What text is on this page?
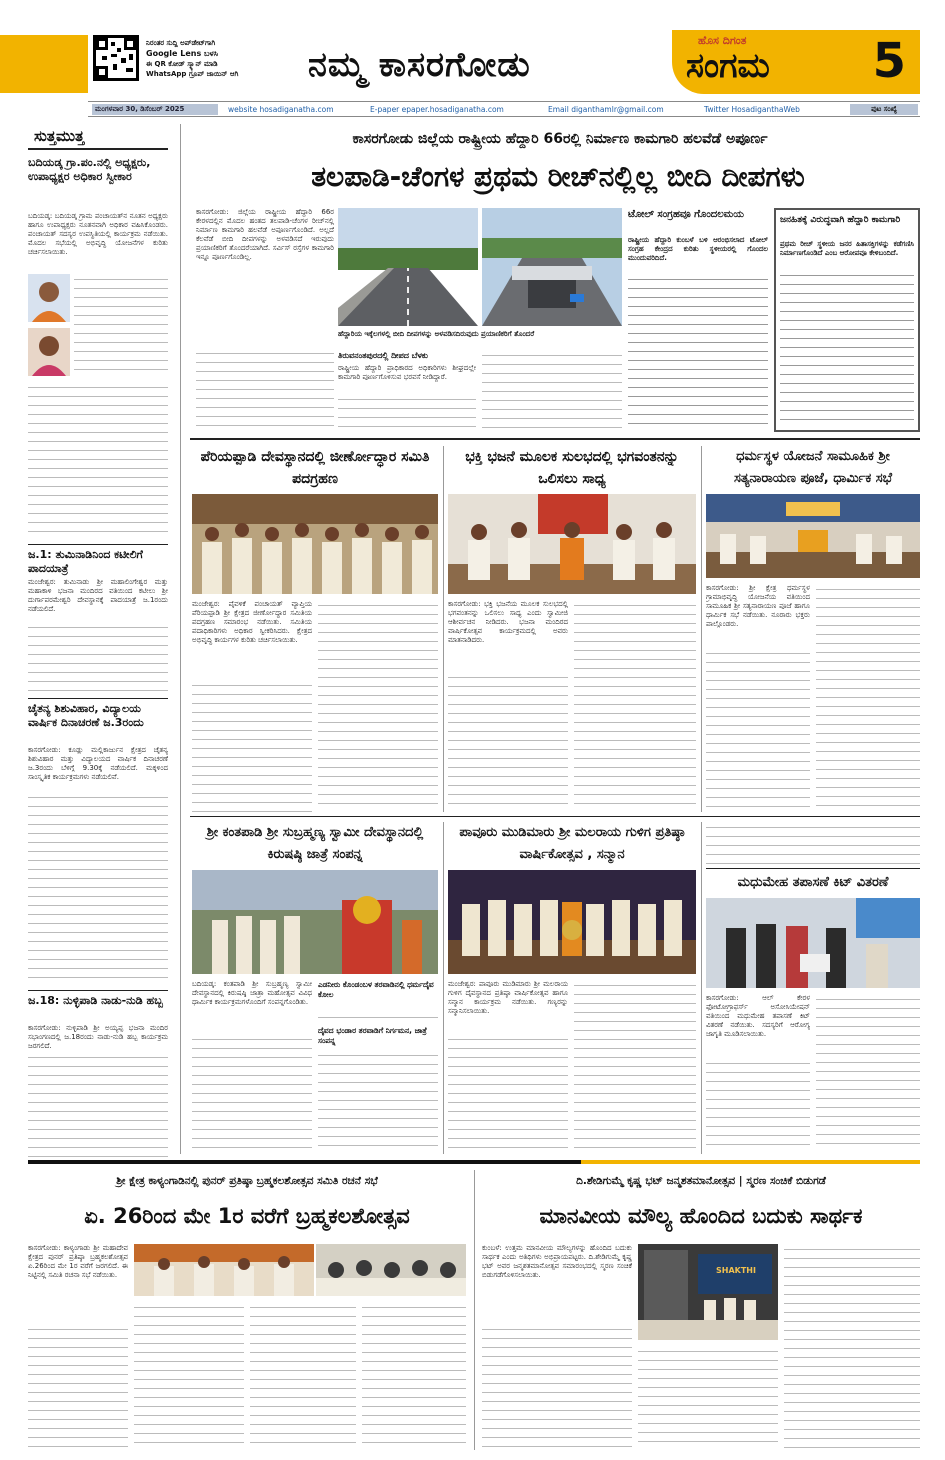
ನಿರಂತರ ಸುದ್ದಿ ಅಪ್‌ಡೇಟ್‌ಗಾಗಿ
Google Lens ಬಳಸಿ
ಈ QR ಕೋಡ್ ಸ್ಕ್ಯಾನ್ ಮಾಡಿ
WhatsApp ಗ್ರೂಪ್ ಜಾಯಿನ್ ಆಗಿ	ನಮ್ಮ ಕಾಸರಗೋಡು
ಹೊಸ ದಿಗಂತ
ಸಂಗಮ 5
ಮಂಗಳವಾರ 30, ಡಿಸೆಂಬರ್ 2025	website hosadiganatha.com	E-paper epaper.hosadiganatha.com	Email diganthamlr@gmail.com	Twitter HosadiganthaWeb	ಪುಟ ಸಂಖ್ಯೆ
ಸುತ್ತಮುತ್ತ
ಬದಿಯಡ್ಕ ಗ್ರಾ.ಪಂ.ನಲ್ಲಿ ಅಧ್ಯಕ್ಷರು, ಉಪಾಧ್ಯಕ್ಷರ ಅಧಿಕಾರ ಸ್ವೀಕಾರ
ಬದಿಯಡ್ಕ: ಬದಿಯಡ್ಕ ಗ್ರಾಮ ಪಂಚಾಯತ್‌ನ ನೂತನ ಅಧ್ಯಕ್ಷರು ಹಾಗೂ ಉಪಾಧ್ಯಕ್ಷರು ನೂತನವಾಗಿ ಅಧಿಕಾರ ವಹಿಸಿಕೊಂಡರು. ಪಂಚಾಯತ್ ಸದಸ್ಯರ ಉಪಸ್ಥಿತಿಯಲ್ಲಿ ಕಾರ್ಯಕ್ರಮ ನಡೆಯಿತು. ಮೊದಲ ಸಭೆಯಲ್ಲಿ ಅಭಿವೃದ್ಧಿ ಯೋಜನೆಗಳ ಕುರಿತು ಚರ್ಚಿಸಲಾಯಿತು.
ಜ.1: ತುಮಿನಾಡಿನಿಂದ ಕಟೀಲಿಗೆ ಪಾದಯಾತ್ರೆ
ಮಂಜೇಶ್ವರ: ತುಮಿನಾಡು ಶ್ರೀ ಮಹಾಲಿಂಗೇಶ್ವರ ಮತ್ತು ಮಹಾಕಾಳಿ ಭಜನಾ ಮಂದಿರದ ವತಿಯಿಂದ ಕಟೀಲು ಶ್ರೀ ದುರ್ಗಾಪರಮೇಶ್ವರಿ ದೇವಸ್ಥಾನಕ್ಕೆ ಪಾದಯಾತ್ರೆ ಜ.1ರಂದು ನಡೆಯಲಿದೆ.
ಚೈತನ್ಯ ಶಿಶುವಿಹಾರ, ವಿದ್ಯಾಲಯ ವಾರ್ಷಿಕ ದಿನಾಚರಣೆ ಜ.3ರಂದು
ಕಾಸರಗೋಡು: ಕೂಡ್ಲು ಮಲ್ಲಿಕಾರ್ಜುನ ಕ್ಷೇತ್ರದ ಚೈತನ್ಯ ಶಿಶುವಿಹಾರ ಮತ್ತು ವಿದ್ಯಾಲಯದ ವಾರ್ಷಿಕ ದಿನಾಚರಣೆ ಜ.3ರಂದು ಬೆಳಿಗ್ಗೆ 9.30ಕ್ಕೆ ನಡೆಯಲಿದೆ. ಮಕ್ಕಳಿಂದ ಸಾಂಸ್ಕೃತಿಕ ಕಾರ್ಯಕ್ರಮಗಳು ನಡೆಯಲಿವೆ.
ಜ.18: ನುಳ್ಳಿಪಾಡಿ ನಾಡು-ನುಡಿ ಹಬ್ಬ
ಕಾಸರಗೋಡು: ನುಳ್ಳಿಪಾಡಿ ಶ್ರೀ ಅಯ್ಯಪ್ಪ ಭಜನಾ ಮಂದಿರ ಸಭಾಂಗಣದಲ್ಲಿ ಜ.18ರಂದು ನಾಡು-ನುಡಿ ಹಬ್ಬ ಕಾರ್ಯಕ್ರಮ ಜರಗಲಿದೆ.
ಕಾಸರಗೋಡು ಜಿಲ್ಲೆಯ ರಾಷ್ಟ್ರೀಯ ಹೆದ್ದಾರಿ 66ರಲ್ಲಿ ನಿರ್ಮಾಣ ಕಾಮಗಾರಿ ಹಲವೆಡೆ ಅಪೂರ್ಣ
ತಲಪಾಡಿ-ಚೆಂಗಳ ಪ್ರಥಮ ರೀಚ್‌ನಲ್ಲಿಲ್ಲ ಬೀದಿ ದೀಪಗಳು
ಕಾಸರಗೋಡು: ಜಿಲ್ಲೆಯ ರಾಷ್ಟ್ರೀಯ ಹೆದ್ದಾರಿ 66ರ ಕೇರಳದಲ್ಲಿನ ಮೊದಲ ಹಂತದ ತಲಪಾಡಿ-ಚೆಂಗಳ ರೀಚ್‌ನಲ್ಲಿ ನಿರ್ಮಾಣ ಕಾಮಗಾರಿ ಹಲವೆಡೆ ಅಪೂರ್ಣಗೊಂಡಿದೆ. ಅಲ್ಲದೆ ಕೆಲವೆಡೆ ಬೀದಿ ದೀಪಗಳನ್ನು ಅಳವಡಿಸದೆ ಇರುವುದು ಪ್ರಯಾಣಿಕರಿಗೆ ತೊಂದರೆಯಾಗಿದೆ. ಸರ್ವಿಸ್ ರಸ್ತೆಗಳ ಕಾಮಗಾರಿ ಇನ್ನೂ ಪೂರ್ಣಗೊಂಡಿಲ್ಲ.
ಹೆದ್ದಾರಿಯ ಇಕ್ಕೆಲಗಳಲ್ಲಿ ಬೀದಿ ದೀಪಗಳನ್ನು ಅಳವಡಿಸದಿರುವುದು ಪ್ರಯಾಣಿಕರಿಗೆ ತೊಂದರೆ
ತಿರುವನಂತಪುರದಲ್ಲಿ ದೀಪದ ಬೆಳಕು
ರಾಷ್ಟ್ರೀಯ ಹೆದ್ದಾರಿ ಪ್ರಾಧಿಕಾರದ ಅಧಿಕಾರಿಗಳು ಶೀಘ್ರದಲ್ಲೇ ಕಾಮಗಾರಿ ಪೂರ್ಣಗೊಳಿಸುವ ಭರವಸೆ ನೀಡಿದ್ದಾರೆ.
ಟೋಲ್ ಸಂಗ್ರಹವೂ ಗೊಂದಲಮಯ
ರಾಷ್ಟ್ರೀಯ ಹೆದ್ದಾರಿ ಕುಂಬಳೆ ಬಳಿ ಆರಂಭಿಸಲಾದ ಟೋಲ್ ಸಂಗ್ರಹ ಕೇಂದ್ರದ ಕುರಿತು ಸ್ಥಳೀಯರಲ್ಲಿ ಗೊಂದಲ ಮುಂದುವರಿದಿದೆ.
ಜನಹಿತಕ್ಕೆ ವಿರುದ್ಧವಾಗಿ ಹೆದ್ದಾರಿ ಕಾಮಗಾರಿ
ಪ್ರಥಮ ರೀಚ್ ಸ್ಥಳೀಯ ಜನರ ಹಿತಾಸಕ್ತಿಗಳನ್ನು ಕಡೆಗಣಿಸಿ ನಿರ್ಮಾಣಗೊಂಡಿದೆ ಎಂಬ ಆರೋಪವೂ ಕೇಳಿಬಂದಿದೆ.
ಪೆರಿಯಪ್ಪಾಡಿ ದೇವಸ್ಥಾನದಲ್ಲಿ ಜೀರ್ಣೋದ್ಧಾರ ಸಮಿತಿ ಪದಗ್ರಹಣ
ಮಂಜೇಶ್ವರ: ಪೈವಳಿಕೆ ಪಂಚಾಯತ್ ವ್ಯಾಪ್ತಿಯ ಪೆರಿಯಪ್ಪಾಡಿ ಶ್ರೀ ಕ್ಷೇತ್ರದ ಜೀರ್ಣೋದ್ಧಾರ ಸಮಿತಿಯ ಪದಗ್ರಹಣ ಸಮಾರಂಭ ನಡೆಯಿತು. ಸಮಿತಿಯ ಪದಾಧಿಕಾರಿಗಳು ಅಧಿಕಾರ ಸ್ವೀಕರಿಸಿದರು. ಕ್ಷೇತ್ರದ ಅಭಿವೃದ್ಧಿ ಕಾರ್ಯಗಳ ಕುರಿತು ಚರ್ಚಿಸಲಾಯಿತು.
ಭಕ್ತಿ ಭಜನೆ ಮೂಲಕ ಸುಲಭದಲ್ಲಿ ಭಗವಂತನನ್ನು ಒಲಿಸಲು ಸಾಧ್ಯ
ಕಾಸರಗೋಡು: ಭಕ್ತಿ ಭಜನೆಯ ಮೂಲಕ ಸುಲಭದಲ್ಲಿ ಭಗವಂತನನ್ನು ಒಲಿಸಲು ಸಾಧ್ಯ ಎಂದು ಸ್ವಾಮೀಜಿ ಆಶೀರ್ವಚನ ನೀಡಿದರು. ಭಜನಾ ಮಂದಿರದ ವಾರ್ಷಿಕೋತ್ಸವ ಕಾರ್ಯಕ್ರಮದಲ್ಲಿ ಅವರು ಮಾತನಾಡಿದರು.
ಧರ್ಮಸ್ಥಳ ಯೋಜನೆ ಸಾಮೂಹಿಕ ಶ್ರೀ ಸತ್ಯನಾರಾಯಣ ಪೂಜೆ, ಧಾರ್ಮಿಕ ಸಭೆ
ಕಾಸರಗೋಡು: ಶ್ರೀ ಕ್ಷೇತ್ರ ಧರ್ಮಸ್ಥಳ ಗ್ರಾಮಾಭಿವೃದ್ಧಿ ಯೋಜನೆಯ ವತಿಯಿಂದ ಸಾಮೂಹಿಕ ಶ್ರೀ ಸತ್ಯನಾರಾಯಣ ಪೂಜೆ ಹಾಗೂ ಧಾರ್ಮಿಕ ಸಭೆ ನಡೆಯಿತು. ನೂರಾರು ಭಕ್ತರು ಪಾಲ್ಗೊಂಡರು.
ಶ್ರೀ ಕಂತಪಾಡಿ ಶ್ರೀ ಸುಬ್ರಹ್ಮಣ್ಯ ಸ್ವಾಮೀ ದೇವಸ್ಥಾನದಲ್ಲಿ ಕಿರುಷಷ್ಠಿ ಜಾತ್ರೆ ಸಂಪನ್ನ
ಬದಿಯಡ್ಕ: ಕಂತಪಾಡಿ ಶ್ರೀ ಸುಬ್ರಹ್ಮಣ್ಯ ಸ್ವಾಮೀ ದೇವಸ್ಥಾನದಲ್ಲಿ ಕಿರುಷಷ್ಠಿ ಜಾತ್ರಾ ಮಹೋತ್ಸವ ವಿವಿಧ ಧಾರ್ಮಿಕ ಕಾರ್ಯಕ್ರಮಗಳೊಂದಿಗೆ ಸಂಪನ್ನಗೊಂಡಿತು.
ಎಡನೀರು ಕೊಂಡಂಬಳ ತರವಾಡಿನಲ್ಲಿ ಧರ್ಮದೈವ ಕೋಲ
ದೈವದ ಭಂಡಾರ ತರವಾಡಿಗೆ ನಿರ್ಗಮನ, ಜಾತ್ರೆ ಸಂಪನ್ನ
ಪಾವೂರು ಮುಡಿಮಾರು ಶ್ರೀ ಮಲರಾಯ ಗುಳಿಗ ಪ್ರತಿಷ್ಠಾ ವಾರ್ಷಿಕೋತ್ಸವ , ಸನ್ಮಾನ
ಮಂಜೇಶ್ವರ: ಪಾವೂರು ಮುಡಿಮಾರು ಶ್ರೀ ಮಲರಾಯ ಗುಳಿಗ ದೈವಸ್ಥಾನದ ಪ್ರತಿಷ್ಠಾ ವಾರ್ಷಿಕೋತ್ಸವ ಹಾಗೂ ಸನ್ಮಾನ ಕಾರ್ಯಕ್ರಮ ನಡೆಯಿತು. ಗಣ್ಯರನ್ನು ಸನ್ಮಾನಿಸಲಾಯಿತು.
ಮಧುಮೇಹ ತಪಾಸಣೆ ಕಿಟ್ ವಿತರಣೆ
ಕಾಸರಗೋಡು: ಆಲ್ ಕೇರಳ ಫೋಟೋಗ್ರಾಫರ್ಸ್ ಅಸೋಸಿಯೇಷನ್ ವತಿಯಿಂದ ಮಧುಮೇಹ ತಪಾಸಣೆ ಕಿಟ್ ವಿತರಣೆ ನಡೆಯಿತು. ಸದಸ್ಯರಿಗೆ ಆರೋಗ್ಯ ಜಾಗೃತಿ ಮೂಡಿಸಲಾಯಿತು.
ಶ್ರೀ ಕ್ಷೇತ್ರ ಕಾಳ್ಯಂಗಾಡಿನಲ್ಲಿ ಪುನರ್ ಪ್ರತಿಷ್ಠಾ ಬ್ರಹ್ಮಕಲಶೋತ್ಸವ ಸಮಿತಿ ರಚನೆ ಸಭೆ
ಏ. 26ರಿಂದ ಮೇ 1ರ ವರೆಗೆ ಬ್ರಹ್ಮಕಲಶೋತ್ಸವ
ಕಾಸರಗೋಡು: ಕಾಳ್ಯಂಗಾಡು ಶ್ರೀ ಮಹಾದೇವ ಕ್ಷೇತ್ರದ ಪುನರ್ ಪ್ರತಿಷ್ಠಾ ಬ್ರಹ್ಮಕಲಶೋತ್ಸವ ಏ.26ರಿಂದ ಮೇ 1ರ ವರೆಗೆ ಜರಗಲಿದೆ. ಈ ನಿಟ್ಟಿನಲ್ಲಿ ಸಮಿತಿ ರಚನಾ ಸಭೆ ನಡೆಯಿತು.
ದಿ.ಶೇಡಿಗುಮ್ಮೆ ಕೃಷ್ಣ ಭಟ್ ಜನ್ಮಶತಮಾನೋತ್ಸವ | ಸ್ಮರಣ ಸಂಚಿಕೆ ಬಿಡುಗಡೆ
ಮಾನವೀಯ ಮೌಲ್ಯ ಹೊಂದಿದ ಬದುಕು ಸಾರ್ಥಕ
ಕುಂಬಳೆ: ಉತ್ತಮ ಮಾನವೀಯ ಮೌಲ್ಯಗಳನ್ನು ಹೊಂದಿದ ಬದುಕು ಸಾರ್ಥಕ ಎಂದು ಅತಿಥಿಗಳು ಅಭಿಪ್ರಾಯಪಟ್ಟರು. ದಿ.ಶೇಡಿಗುಮ್ಮೆ ಕೃಷ್ಣ ಭಟ್ ಅವರ ಜನ್ಮಶತಮಾನೋತ್ಸವ ಸಮಾರಂಭದಲ್ಲಿ ಸ್ಮರಣ ಸಂಚಿಕೆ ಬಿಡುಗಡೆಗೊಳಿಸಲಾಯಿತು.	SHAKTHI
